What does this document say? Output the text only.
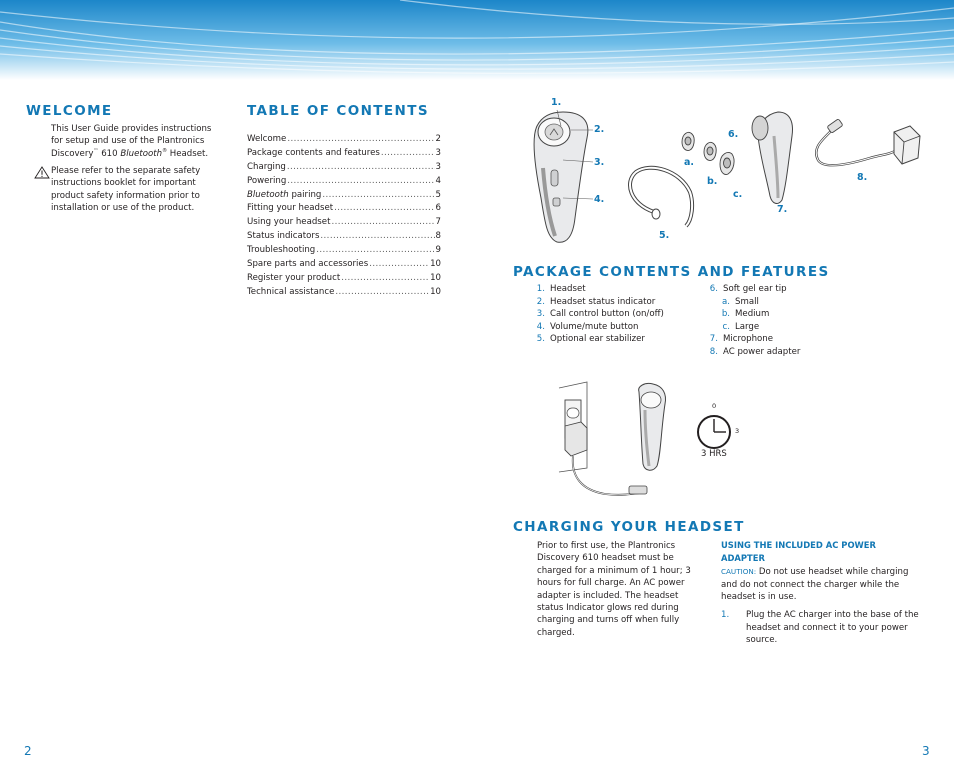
WELCOME

This User Guide provides instructions for setup and use of the Plantronics Discovery™ 610 Bluetooth® Headset.

Please refer to the separate safety instructions booklet for important product safety information prior to installation or use of the product.

TABLE OF CONTENTS
Welcome .....	2
Package contents and features .....	3
Charging .....	3
Powering .....	4
Bluetooth pairing .....	5
Fitting your headset .....	6
Using your headset .....	7
Status indicators .....	8
Troubleshooting .....	9
Spare parts and accessories .....	10
Register your product .....	10
Technical assistance .....	10
2
1.
2.
3.
4.
5.
a.
b.
c.
6.
7.
8.
PACKAGE CONTENTS AND FEATURES
1. Headset
2. Headset status indicator
3. Call control button (on/off)
4. Volume/mute button
5. Optional ear stabilizer
6. Soft gel ear tip
a. Small
b. Medium
c. Large
7. Microphone
8. AC power adapter
0
3
3 HRS
CHARGING YOUR HEADSET

Prior to first use, the Plantronics Discovery 610 headset must be charged for a minimum of 1 hour; 3 hours for full charge. An AC power adapter is included. The headset status Indicator glows red during charging and turns off when fully charged.

USING THE INCLUDED AC POWER ADAPTER

CAUTION: Do not use headset while charging and do not connect the charger while the headset is in use.

1.	Plug the AC charger into the base of the headset and connect it to your power source.
3
